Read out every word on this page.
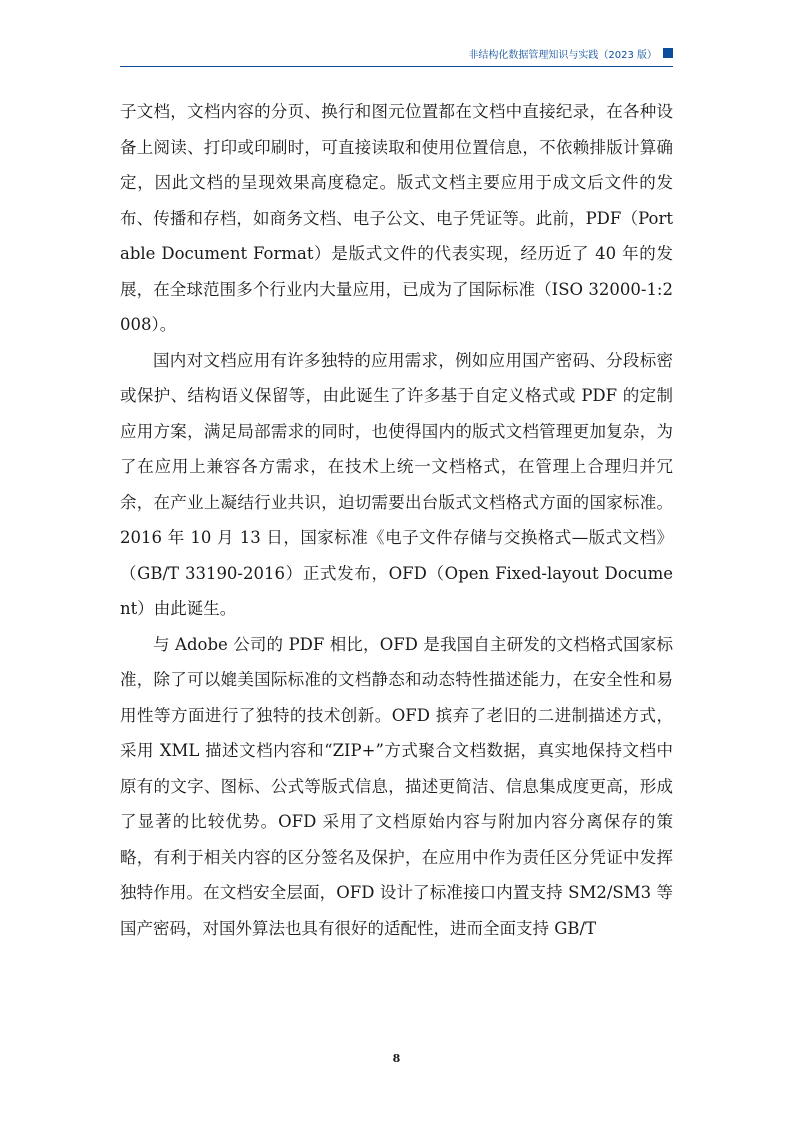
非结构化数据管理知识与实践（2023 版）

子文档，文档内容的分页、换行和图元位置都在文档中直接纪录，在各种设备上阅读、打印或印刷时，可直接读取和使用位置信息，不依赖排版计算确定，因此文档的呈现效果高度稳定。版式文档主要应用于成文后文件的发布、传播和存档，如商务文档、电子公文、电子凭证等。此前，PDF（Portable Document Format）是版式文件的代表实现，经历近了 40 年的发展，在全球范围多个行业内大量应用，已成为了国际标准（ISO 32000-1:2008）。

国内对文档应用有许多独特的应用需求，例如应用国产密码、分段标密或保护、结构语义保留等，由此诞生了许多基于自定义格式或 PDF 的定制应用方案，满足局部需求的同时，也使得国内的版式文档管理更加复杂，为了在应用上兼容各方需求，在技术上统一文档格式，在管理上合理归并冗余，在产业上凝结行业共识，迫切需要出台版式文档格式方面的国家标准。2016 年 10 月 13 日，国家标准《电子文件存储与交换格式—版式文档》（GB/T 33190-2016）正式发布，OFD（Open Fixed-layout Document）由此诞生。

与 Adobe 公司的 PDF 相比，OFD 是我国自主研发的文档格式国家标准，除了可以媲美国际标准的文档静态和动态特性描述能力，在安全性和易用性等方面进行了独特的技术创新。OFD 摈弃了老旧的二进制描述方式，采用 XML 描述文档内容和“ZIP+”方式聚合文档数据，真实地保持文档中原有的文字、图标、公式等版式信息，描述更简洁、信息集成度更高，形成了显著的比较优势。OFD 采用了文档原始内容与附加内容分离保存的策略，有利于相关内容的区分签名及保护，在应用中作为责任区分凭证中发挥独特作用。在文档安全层面，OFD 设计了标准接口内置支持 SM2/SM3 等国产密码，对国外算法也具有很好的适配性，进而全面支持 GB/T

8
